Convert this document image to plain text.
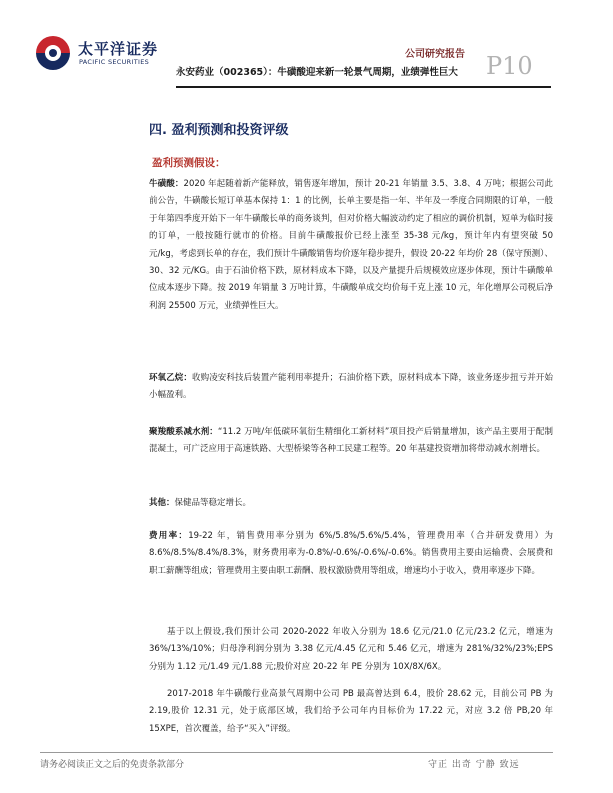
太平洋证券
PACIFIC SECURITIES
公司研究报告
永安药业（002365）：牛磺酸迎来新一轮景气周期，业绩弹性巨大 P10
四. 盈利预测和投资评级
盈利预测假设：
牛磺酸：2020 年起随着新产能释放，销售逐年增加，预计 20-21 年销量 3.5、3.8、4 万吨；根据公司此前公告，牛磺酸长短订单基本保持 1：1 的比例，长单主要是指一年、半年及一季度合同期限的订单，一般于年第四季度开始下一年牛磺酸长单的商务谈判，但对价格大幅波动约定了相应的调价机制，短单为临时接的订单，一般按随行就市的价格。目前牛磺酸报价已经上涨至 35-38 元/kg，预计年内有望突破 50 元/kg，考虑到长单的存在，我们预计牛磺酸销售均价逐年稳步提升，假设 20-22 年均价 28（保守预测）、30、32 元/KG。由于石油价格下跌，原材料成本下降，以及产量提升后规模效应逐步体现，预计牛磺酸单位成本逐步下降。按 2019 年销量 3 万吨计算，牛磺酸单成交均价每千克上涨 10 元，年化增厚公司税后净利润 25500 万元，业绩弹性巨大。
环氧乙烷：收购凌安科技后装置产能利用率提升；石油价格下跌，原材料成本下降，该业务逐步扭亏并开始小幅盈利。
聚羧酸系减水剂：“11.2 万吨/年低碳环氧衍生精细化工新材料”项目投产后销量增加，该产品主要用于配制混凝土，可广泛应用于高速铁路、大型桥梁等各种工民建工程等。20 年基建投资增加将带动减水剂增长。
其他：保健品等稳定增长。
费用率：19-22 年，销售费用率分别为 6%/5.8%/5.6%/5.4%，管理费用率（合并研发费用）为 8.6%/8.5%/8.4%/8.3%，财务费用率为-0.8%/-0.6%/-0.6%/-0.6%。销售费用主要由运输费、会展费和职工薪酬等组成；管理费用主要由职工薪酬、股权激励费用等组成，增速均小于收入，费用率逐步下降。
基于以上假设,我们预计公司 2020-2022 年收入分别为 18.6 亿元/21.0 亿元/23.2 亿元，增速为 36%/13%/10%；归母净利润分别为 3.38 亿元/4.45 亿元和 5.46 亿元，增速为 281%/32%/23%;EPS 分别为 1.12 元/1.49 元/1.88 元;股价对应 20-22 年 PE 分别为 10X/8X/6X。
2017-2018 年牛磺酸行业高景气周期中公司 PB 最高曾达到 6.4，股价 28.62 元，目前公司 PB 为 2.19,股价 12.31 元，处于底部区域，我们给予公司年内目标价为 17.22 元，对应 3.2 倍 PB,20 年 15XPE，首次覆盖，给予“买入”评级。
请务必阅读正文之后的免责条款部分	守正 出奇 宁静 致远
